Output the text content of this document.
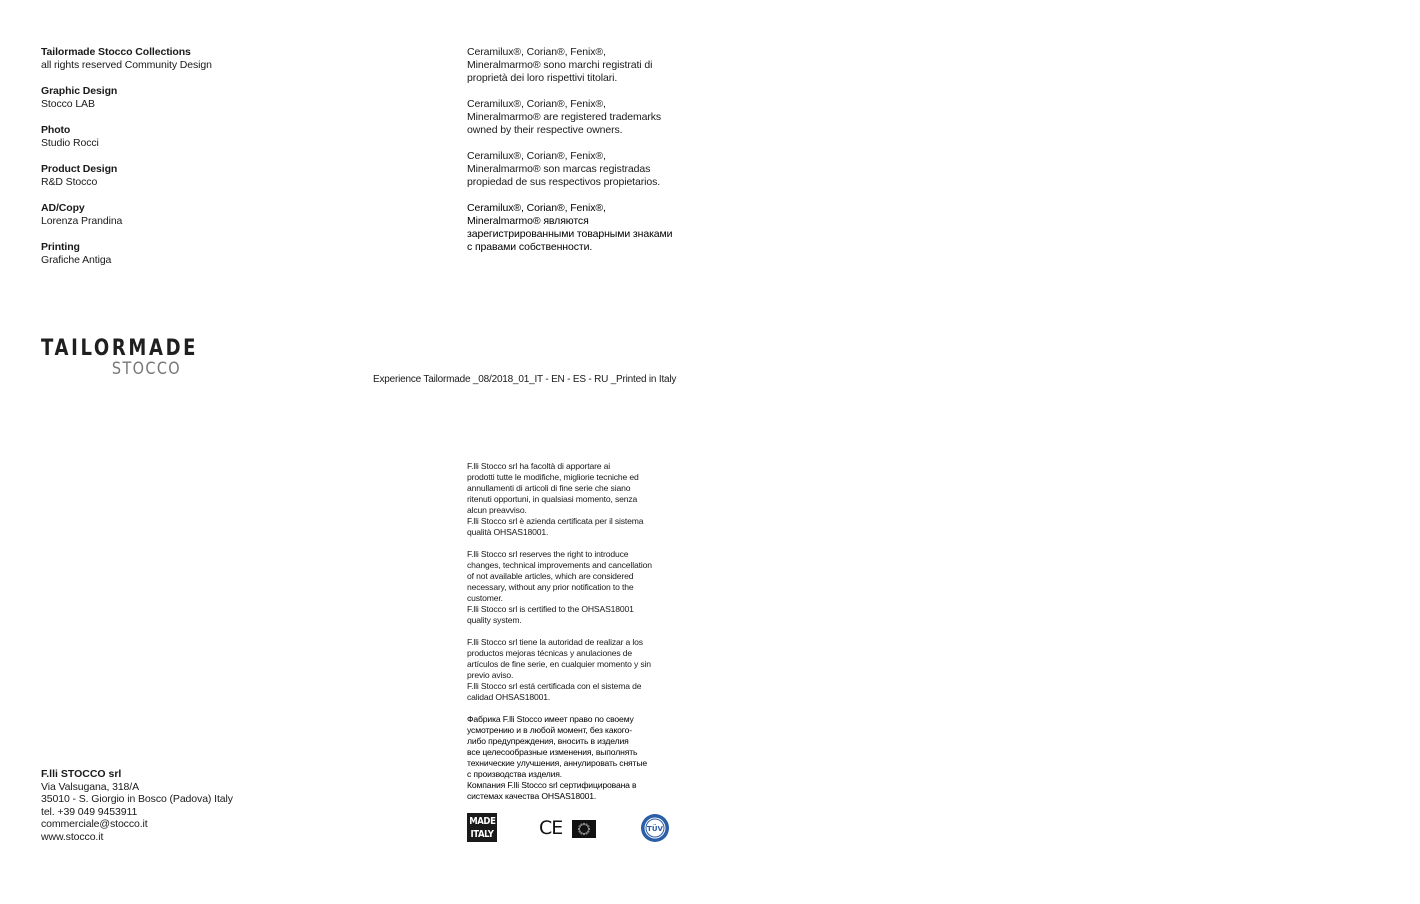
Tailormade Stocco Collections
all rights reserved Community Design
Graphic Design
Stocco LAB
Photo
Studio Rocci
Product Design
R&D Stocco
AD/Copy
Lorenza Prandina
Printing
Grafiche Antiga
Ceramilux®, Corian®, Fenix®, Mineralmarmo® sono marchi registrati di proprietà dei loro rispettivi titolari.
Ceramilux®, Corian®, Fenix®, Mineralmarmo® are registered trademarks owned by their respective owners.
Ceramilux®, Corian®, Fenix®, Mineralmarmo® son marcas registradas propiedad de sus respectivos propietarios.
Ceramilux®, Corian®, Fenix®, Mineralmarmo® являются зарегистрированными товарными знаками с правами собственности.
TAILORMADE
STOCCO
Experience Tailormade _08/2018_01_IT - EN - ES - RU _Printed in Italy
F.lli Stocco srl ha facoltà di apportare ai
prodotti tutte le modifiche, migliorie tecniche ed
annullamenti di articoli di fine serie che siano
ritenuti opportuni, in qualsiasi momento, senza
alcun preavviso.
F.lli Stocco srl è azienda certificata per il sistema
qualità OHSAS18001.
F.lli Stocco srl reserves the right to introduce
changes, technical improvements and cancellation
of not available articles, which are considered
necessary, without any prior notification to the
customer.
F.lli Stocco srl is certified to the OHSAS18001
quality system.
F.lli Stocco srl tiene la autoridad de realizar a los
productos mejoras técnicas y anulaciones de
artículos de fine serie, en cualquier momento y sin
previo aviso.
F.lli Stocco srl está certificada con el sistema de
calidad OHSAS18001.
Фабрика F.lli Stocco имеет право по своему
усмотрению и в любой момент, без какого-
либо предупреждения, вносить в изделия
все целесообразные изменения, выполнять
технические улучшения, аннулировать снятые
с производства изделия.
Компания F.lli Stocco srl сертифицирована в
системах качества OHSAS18001.
F.lli STOCCO srl
Via Valsugana, 318/A
35010 - S. Giorgio in Bosco (Padova) Italy
tel. +39 049 9453911
commerciale@stocco.it
www.stocco.it
MADE
ITALY CE	TÜV
